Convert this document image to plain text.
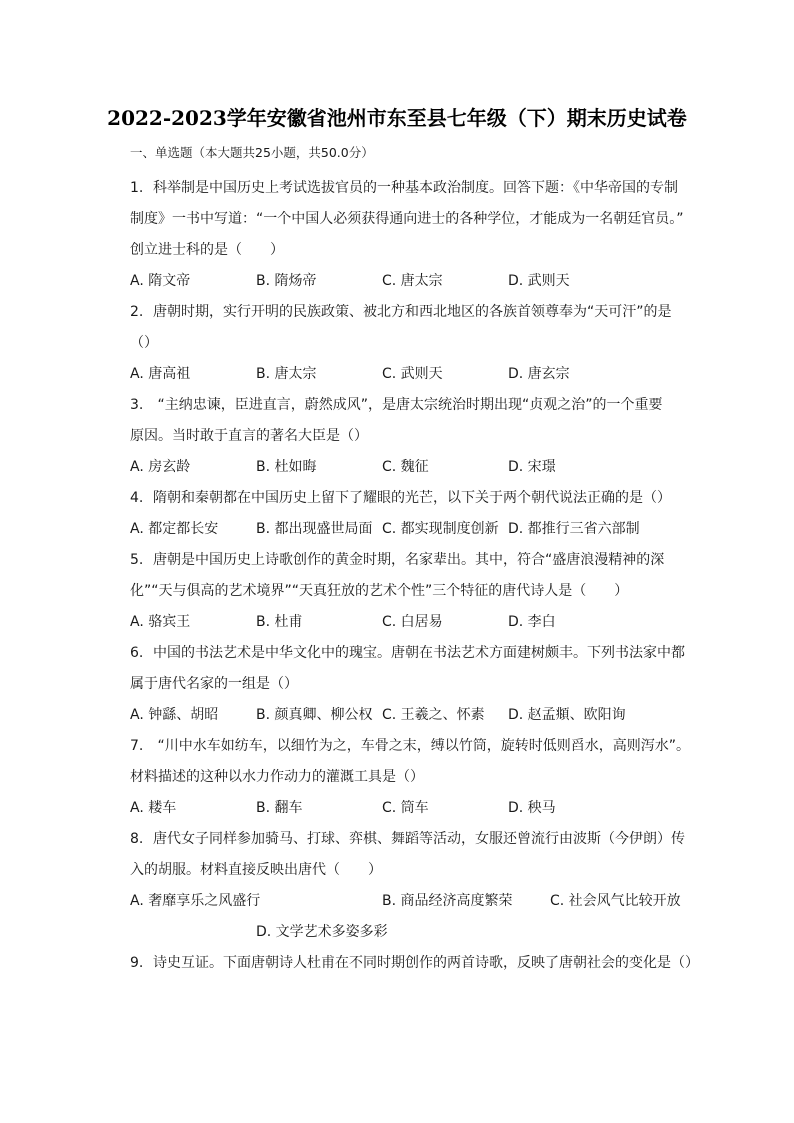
2022-2023学年安徽省池州市东至县七年级（下）期末历史试卷
一、单选题（本大题共25小题，共50.0分）
1. 科举制是中国历史上考试选拔官员的一种基本政治制度。回答下题：《中华帝国的专制
制度》一书中写道：“一个中国人必须获得通向进士的各种学位，才能成为一名朝廷官员。”
创立进士科的是（　　）
A. 隋文帝	B. 隋炀帝	C. 唐太宗	D. 武则天
2. 唐朝时期，实行开明的民族政策、被北方和西北地区的各族首领尊奉为“天可汗”的是
（）
A. 唐高祖	B. 唐太宗	C. 武则天	D. 唐玄宗
3. “主纳忠谏，臣进直言，蔚然成风”，是唐太宗统治时期出现“贞观之治”的一个重要
原因。当时敢于直言的著名大臣是（）
A. 房玄龄	B. 杜如晦	C. 魏征	D. 宋璟
4. 隋朝和秦朝都在中国历史上留下了耀眼的光芒，以下关于两个朝代说法正确的是（）
A. 都定都长安	B. 都出现盛世局面 C. 都实现制度创新 D. 都推行三省六部制
5. 唐朝是中国历史上诗歌创作的黄金时期，名家辈出。其中，符合“盛唐浪漫精神的深
化”“天与俱高的艺术境界”“天真狂放的艺术个性”三个特征的唐代诗人是（　　）
A. 骆宾王	B. 杜甫	C. 白居易	D. 李白
6. 中国的书法艺术是中华文化中的瑰宝。唐朝在书法艺术方面建树颇丰。下列书法家中都
属于唐代名家的一组是（）
A. 钟繇、胡昭	B. 颜真卿、柳公权 C. 王羲之、怀素 D. 赵孟頫、欧阳询
7. “川中水车如纺车，以细竹为之，车骨之末，缚以竹筒，旋转时低则舀水，高则泻水”。
材料描述的这种以水力作动力的灌溉工具是（）
A. 耧车	B. 翻车	C. 筒车	D. 秧马
8. 唐代女子同样参加骑马、打球、弈棋、舞蹈等活动，女服还曾流行由波斯（今伊朗）传
入的胡服。材料直接反映出唐代（　　）
A. 奢靡享乐之风盛行	B. 商品经济高度繁荣	C. 社会风气比较开放
D. 文学艺术多姿多彩
9. 诗史互证。下面唐朝诗人杜甫在不同时期创作的两首诗歌，反映了唐朝社会的变化是（）
